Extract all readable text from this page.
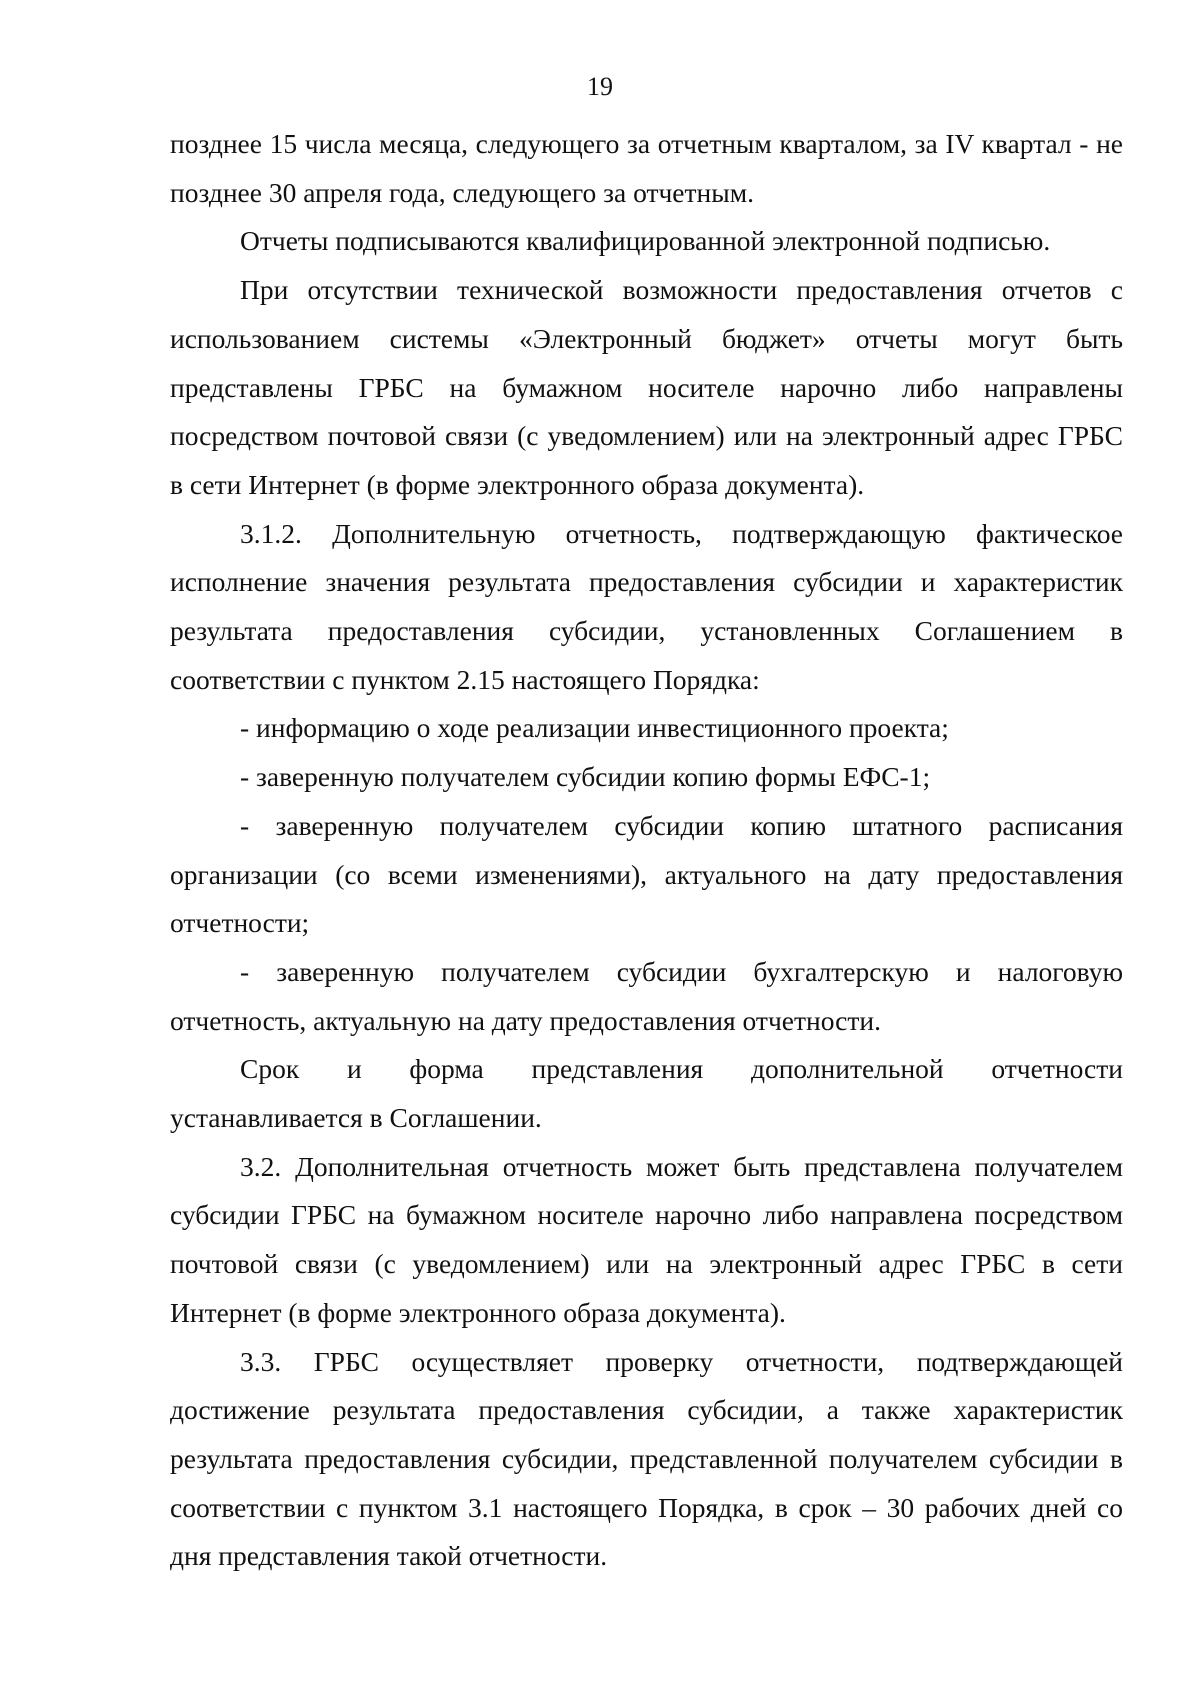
19

позднее 15 числа месяца, следующего за отчетным кварталом, за IV квартал - не позднее 30 апреля года, следующего за отчетным.

Отчеты подписываются квалифицированной электронной подписью.

При отсутствии технической возможности предоставления отчетов с использованием системы «Электронный бюджет» отчеты могут быть представлены ГРБС на бумажном носителе нарочно либо направлены посредством почтовой связи (с уведомлением) или на электронный адрес ГРБС в сети Интернет (в форме электронного образа документа).

3.1.2. Дополнительную отчетность, подтверждающую фактическое исполнение значения результата предоставления субсидии и характеристик результата предоставления субсидии, установленных Соглашением в соответствии с пунктом 2.15 настоящего Порядка:

- информацию о ходе реализации инвестиционного проекта;

- заверенную получателем субсидии копию формы ЕФС-1;

- заверенную получателем субсидии копию штатного расписания организации (со всеми изменениями), актуального на дату предоставления отчетности;

- заверенную получателем субсидии бухгалтерскую и налоговую отчетность, актуальную на дату предоставления отчетности.

Срок и форма представления дополнительной отчетности

устанавливается в Соглашении.

3.2. Дополнительная отчетность может быть представлена получателем субсидии ГРБС на бумажном носителе нарочно либо направлена посредством почтовой связи (с уведомлением) или на электронный адрес ГРБС в сети Интернет (в форме электронного образа документа).

3.3. ГРБС осуществляет проверку отчетности, подтверждающей достижение результата предоставления субсидии, а также характеристик результата предоставления субсидии, представленной получателем субсидии в соответствии с пунктом 3.1 настоящего Порядка, в срок – 30 рабочих дней со дня представления такой отчетности.
